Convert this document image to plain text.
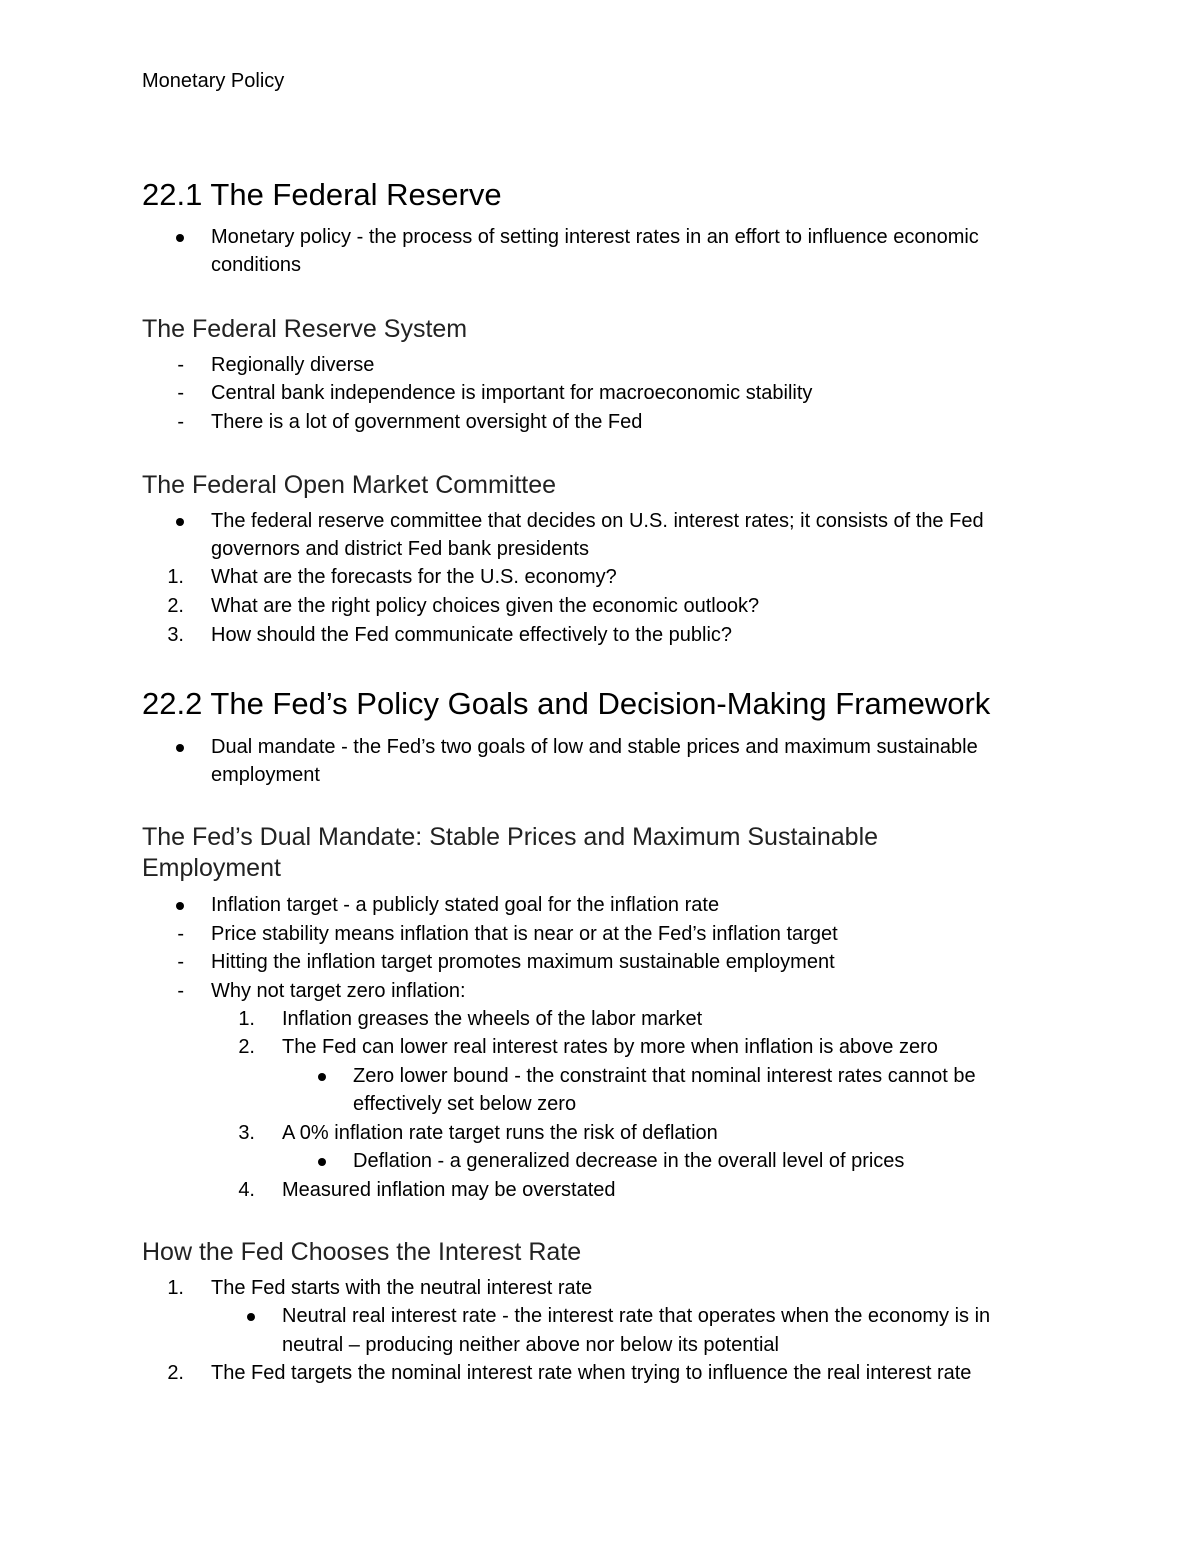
Monetary Policy
22.1 The Federal Reserve
Monetary policy - the process of setting interest rates in an effort to influence economic
conditions
The Federal Reserve System
- Regionally diverse
- Central bank independence is important for macroeconomic stability
- There is a lot of government oversight of the Fed
The Federal Open Market Committee
The federal reserve committee that decides on U.S. interest rates; it consists of the Fed
governors and district Fed bank presidents
1. What are the forecasts for the U.S. economy?
2. What are the right policy choices given the economic outlook?
3. How should the Fed communicate effectively to the public?
22.2 The Fed’s Policy Goals and Decision-Making Framework
Dual mandate - the Fed’s two goals of low and stable prices and maximum sustainable
employment
The Fed’s Dual Mandate: Stable Prices and Maximum Sustainable
Employment
Inflation target - a publicly stated goal for the inflation rate
- Price stability means inflation that is near or at the Fed’s inflation target
- Hitting the inflation target promotes maximum sustainable employment
- Why not target zero inflation:
1. Inflation greases the wheels of the labor market
2. The Fed can lower real interest rates by more when inflation is above zero
Zero lower bound - the constraint that nominal interest rates cannot be
effectively set below zero
3. A 0% inflation rate target runs the risk of deflation
Deflation - a generalized decrease in the overall level of prices
4. Measured inflation may be overstated
How the Fed Chooses the Interest Rate
1. The Fed starts with the neutral interest rate
Neutral real interest rate - the interest rate that operates when the economy is in
neutral – producing neither above nor below its potential
2. The Fed targets the nominal interest rate when trying to influence the real interest rate
